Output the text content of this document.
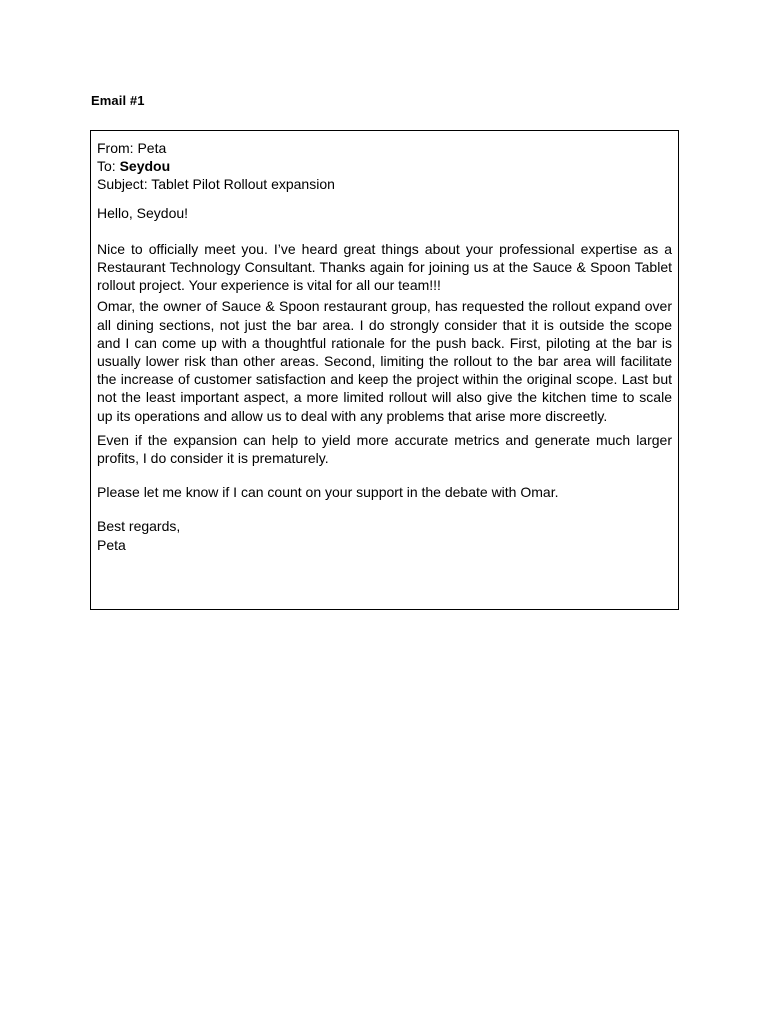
Email #1

From: Peta

To: Seydou

Subject: Tablet Pilot Rollout expansion

Hello, Seydou!

Nice to officially meet you. I’ve heard great things about your professional expertise as a Restaurant Technology Consultant. Thanks again for joining us at the Sauce & Spoon Tablet rollout project. Your experience is vital for all our team!!!

Omar, the owner of Sauce & Spoon restaurant group, has requested the rollout expand over all dining sections, not just the bar area. I do strongly consider that it is outside the scope and I can come up with a thoughtful rationale for the push back. First, piloting at the bar is usually lower risk than other areas. Second, limiting the rollout to the bar area will facilitate the increase of customer satisfaction and keep the project within the original scope. Last but not the least important aspect, a more limited rollout will also give the kitchen time to scale up its operations and allow us to deal with any problems that arise more discreetly.

Even if the expansion can help to yield more accurate metrics and generate much larger profits, I do consider it is prematurely.

Please let me know if I can count on your support in the debate with Omar.

Best regards,

Peta
